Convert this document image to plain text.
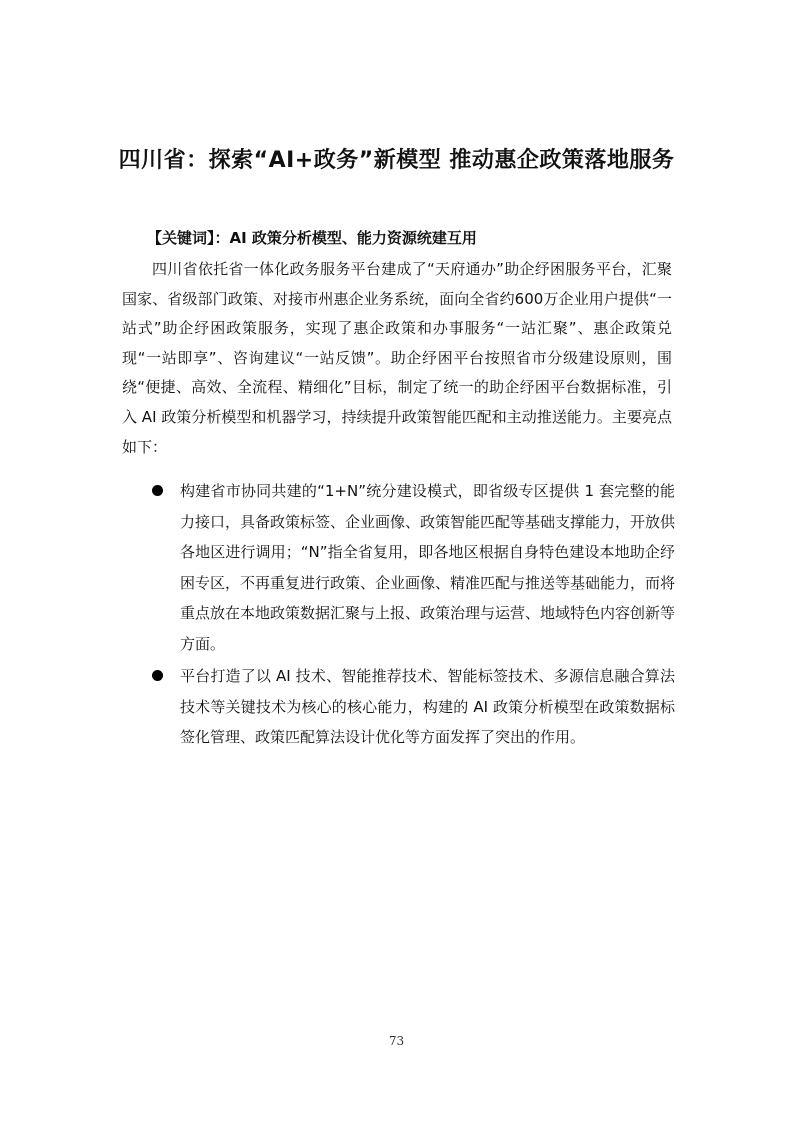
四川省：探索“AI+政务”新模型 推动惠企政策落地服务
【关键词】：AI 政策分析模型、能力资源统建互用

四川省依托省一体化政务服务平台建成了“天府通办”助企纾困服务平台，汇聚国家、省级部门政策、对接市州惠企业务系统，面向全省约600万企业用户提供“一站式”助企纾困政策服务，实现了惠企政策和办事服务“一站汇聚”、惠企政策兑现“一站即享”、咨询建议“一站反馈”。助企纾困平台按照省市分级建设原则，围绕“便捷、高效、全流程、精细化”目标，制定了统一的助企纾困平台数据标准，引入 AI 政策分析模型和机器学习，持续提升政策智能匹配和主动推送能力。主要亮点如下：

构建省市协同共建的“1+N”统分建设模式，即省级专区提供 1 套完整的能力接口，具备政策标签、企业画像、政策智能匹配等基础支撑能力，开放供各地区进行调用；“N”指全省复用，即各地区根据自身特色建设本地助企纾困专区，不再重复进行政策、企业画像、精准匹配与推送等基础能力，而将重点放在本地政策数据汇聚与上报、政策治理与运营、地域特色内容创新等方面。
平台打造了以 AI 技术、智能推荐技术、智能标签技术、多源信息融合算法技术等关键技术为核心的核心能力，构建的 AI 政策分析模型在政策数据标签化管理、政策匹配算法设计优化等方面发挥了突出的作用。
73
